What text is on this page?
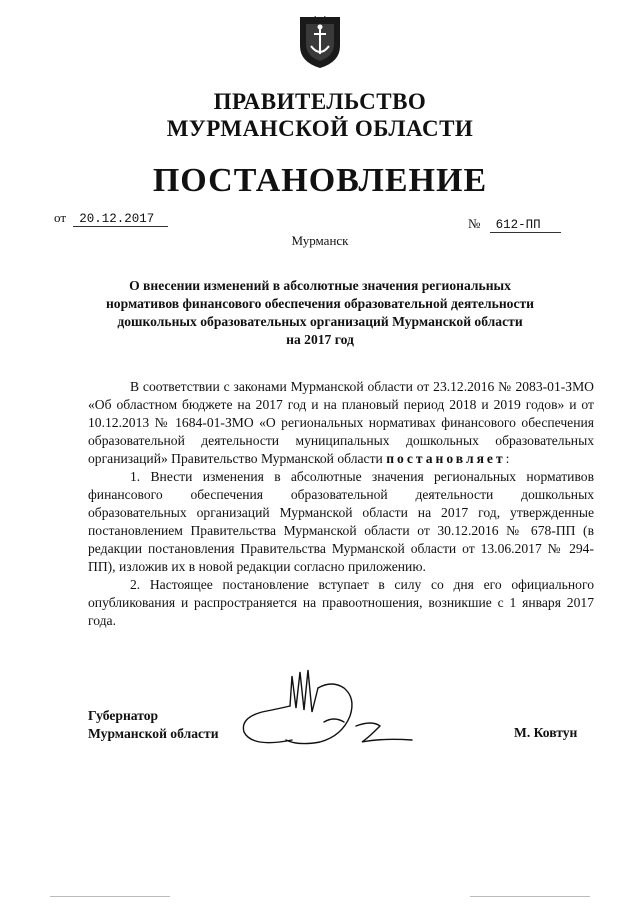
ПРАВИТЕЛЬСТВО
МУРМАНСКОЙ ОБЛАСТИ
ПОСТАНОВЛЕНИЕ
от 20.12.2017	№ 612-ПП
Мурманск
О внесении изменений в абсолютные значения региональных
нормативов финансового обеспечения образовательной деятельности
дошкольных образовательных организаций Мурманской области
на 2017 год

В соответствии с законами Мурманской области от 23.12.2016 № 2083-01-ЗМО «Об областном бюджете на 2017 год и на плановый период 2018 и 2019 годов» и от 10.12.2013 № 1684-01-ЗМО «О региональных нормативах финансового обеспечения образовательной деятельности муниципальных дошкольных образовательных организаций» Правительство Мурманской области постановляет:

1. Внести изменения в абсолютные значения региональных нормативов финансового обеспечения образовательной деятельности дошкольных образовательных организаций Мурманской области на 2017 год, утвержденные постановлением Правительства Мурманской области от 30.12.2016 № 678-ПП (в редакции постановления Правительства Мурманской области от 13.06.2017 № 294-ПП), изложив их в новой редакции согласно приложению.

2. Настоящее постановление вступает в силу со дня его официального опубликования и распространяется на правоотношения, возникшие с 1 января 2017 года.

Губернатор
Мурманской области	М. Ковтун
